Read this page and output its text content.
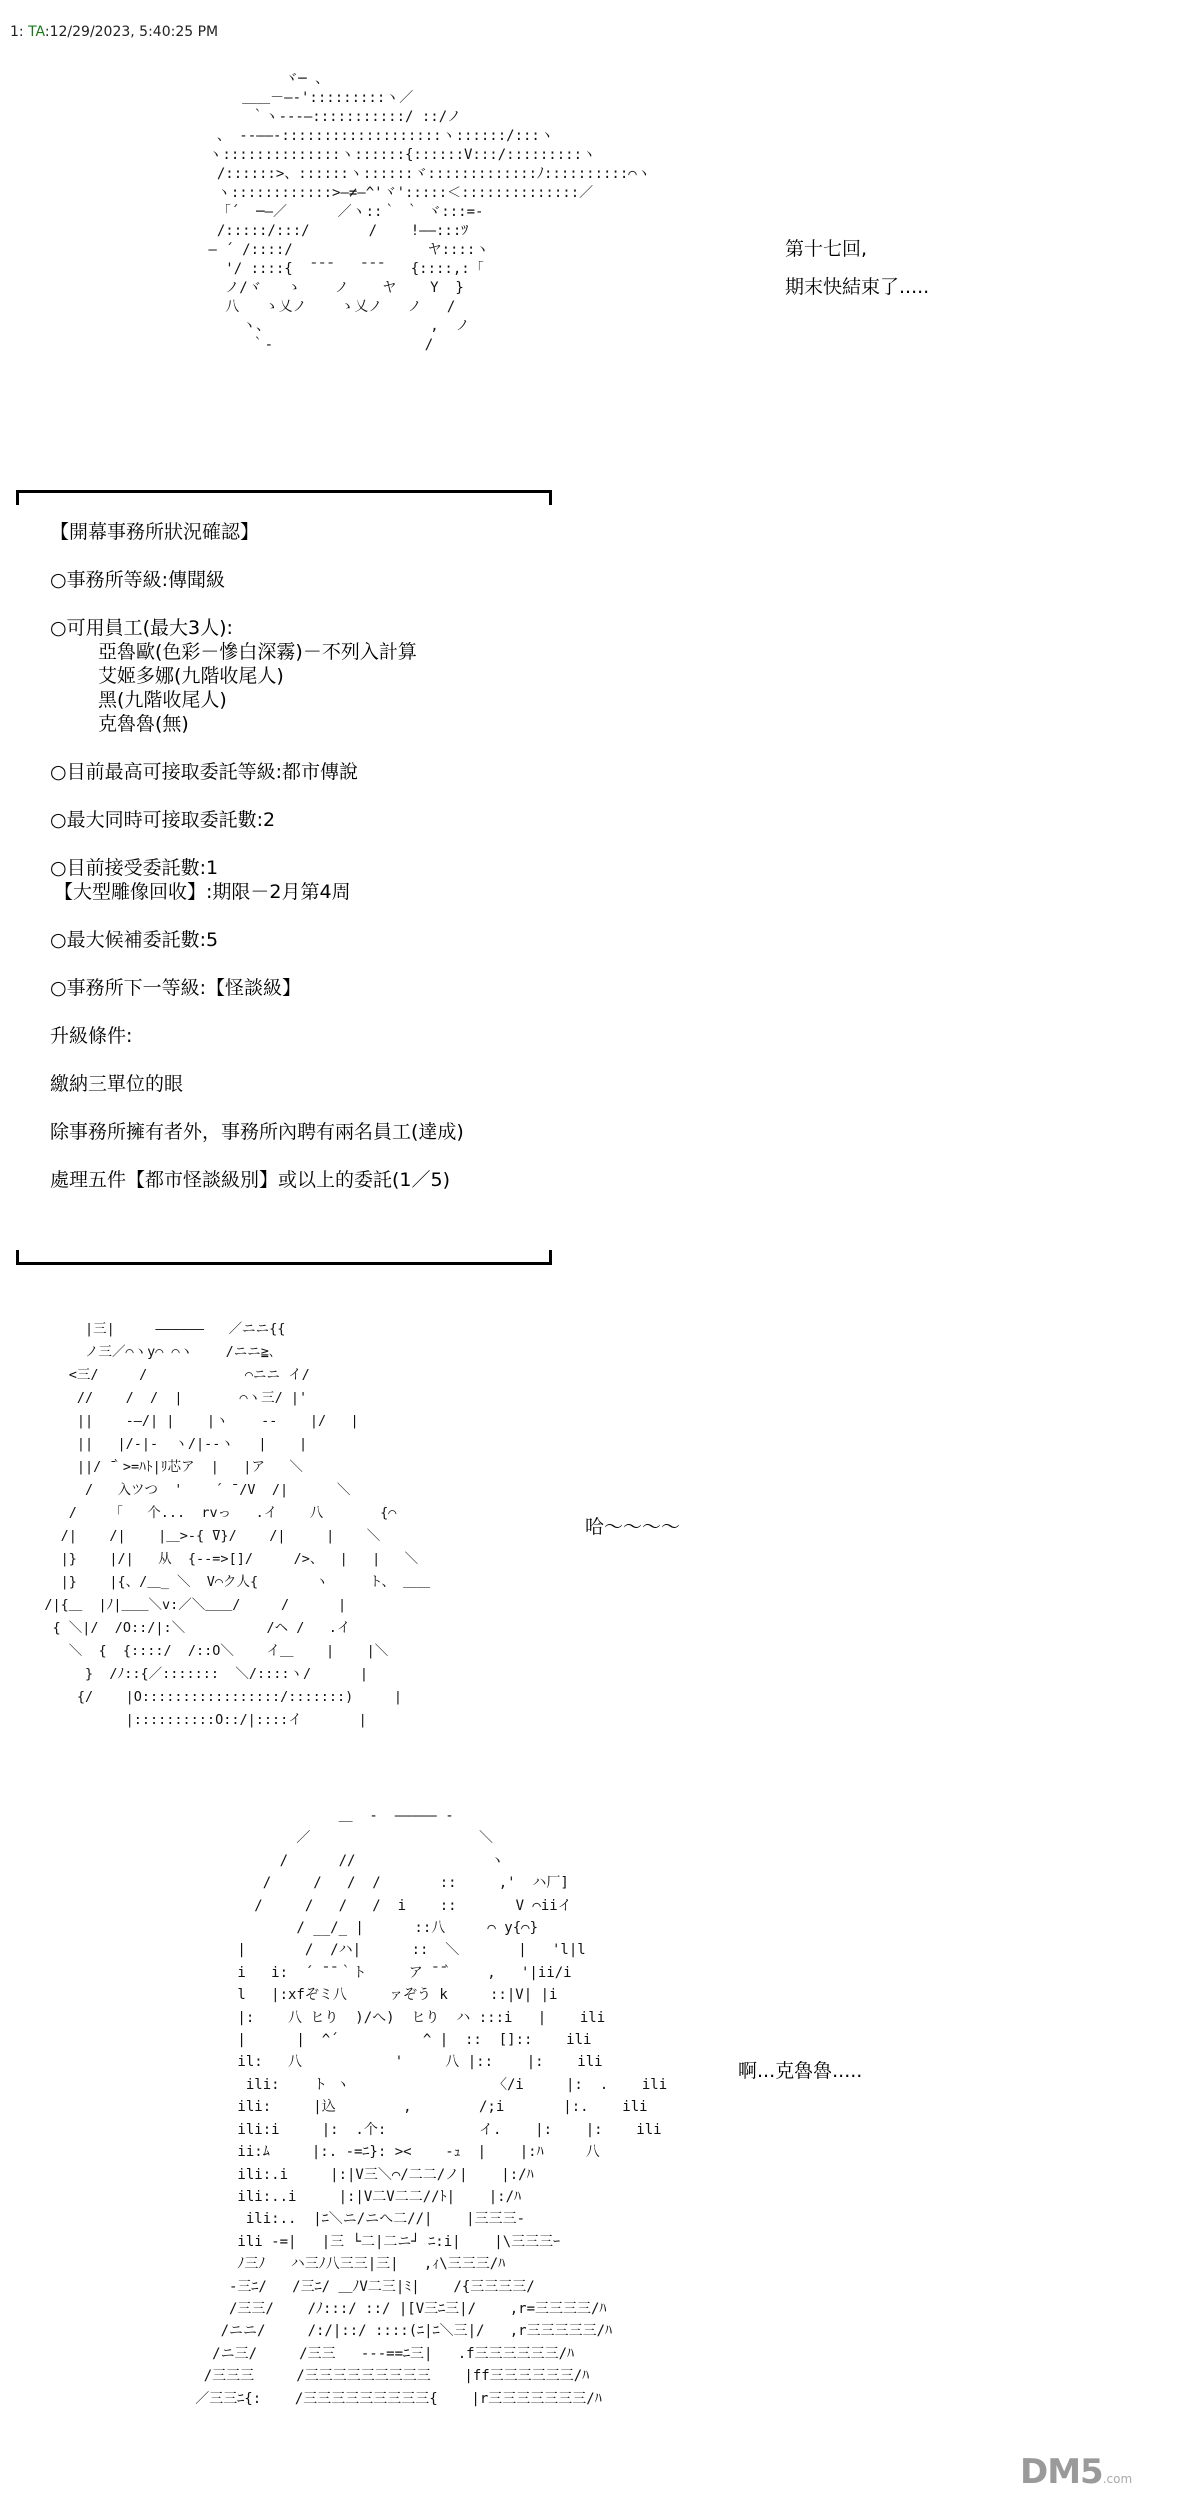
1: TA:12/29/2023, 5:40:25 PM
ヾ─ 、
＿＿－―‐':::::::::ヽ／
｀ヽ--‐―:::::::::::/ ::/ノ
、 ‐-――-:::::::::::::::::::ヽ::::::/:::ヽ
ヽ::::::::::::::ヽ::::::{::::::V:::/:::::::::ヽ
/::::::>、::::::ヽ::::::ヾ:::::::::::::ﾉ::::::::::⌒ヽ
ヽ::::::::::::>―≠―^'ヾ':::::＜::::::::::::::／
「´  ─―／      ／ヽ::｀ ｀ ヾ:::=-
/:::::/:::/       /    !――:::ﾂ
― ´ /::::/                ヤ::::ヽ
'/ ::::{  ̄ ̄ ̄    ̄ ̄ ̄    {::::,:「
ノ/ヾ   ゝ    ノ    ヤ    Y  }
八   ゝ乂ノ    ゝ乂ノ   ノ   /
ヽ、                   ,  ノ
｀-                  /
第十七回,
期末快結束了.....

【開幕事務所狀況確認】

○事務所等級:傳聞級

○可用員工(最大3人):

亞魯歐(色彩－慘白深霧)－不列入計算

艾姬多娜(九階收尾人)

黑(九階收尾人)

克魯魯(無)

○目前最高可接取委託等級:都市傳說

○最大同時可接取委託數:2

○目前接受委託數:1

【大型雕像回收】:期限－2月第4周

○最大候補委託數:5

○事務所下一等級:【怪談級】

升級條件:

繳納三單位的眼

除事務所擁有者外，事務所內聘有兩名員工(達成)

處理五件【都市怪談級別】或以上的委託(1／5)

|三|     ――――――   ／ニニ{{
ノ三／⌒ヽy⌒ ⌒ヽ    /ニニ≧､
<三/     /            ⌒ニニ イ/
//    /  /  |       ⌒ヽ三/ |'
||    -―/| |    |ヽ    --    |/   |
||   |/-|-  ヽ/|--ヽ   |    |
||/ ̄｀>=ﾊﾄ|ﾘ芯ア  |   |ア   ＼
/   入ツつ  '    ´ ̄ /V  /|      ＼
/    「   个...  rvっ   .イ    八       {⌒
/|    /|    |＿>-{ ̄V}/    /|     |    ＼
|}    |/|   从  {--=>[]/     />、  |   |   ＼
|}    |{、/＿_ ＼  V⌒ク人{       ヽ     ト、 ＿＿
/|{＿  |ﾉ|＿＿＼v:／＼＿＿/     /      |
{ ＼|/  /O::/|:＼          /ヘ /   .イ
＼  {  {::::/  /::O＼    イ＿    |    |＼
}  /ﾉ::{／:::::::  ＼/::::ヽ/      |
{/    |O:::::::::::::::::/:::::::)     |
|::::::::::O::/|::::イ       |
哈～～～～
＿  ‐  ――――― ‐
／                    ＼
/      //                ヽ
/     /   /  /       ::     ,'  ハ厂]
/     /   /   /  i    ::       V ⌒iiイ
/ __/_ |      ::八     ⌒ y{⌒}
|       /  /ハ|      ::  ＼       |   'l|l
i   i:  ´ ̄ ̄ ｀ト     ア ̄ ̄｀    ,   '|ii/i
l   |:xfぞミ八     ァぞう k     ::|V| |i
|:    八 ヒり  )/へ)  ヒり  ハ :::i   |    ili
|      |  ^´          ^ |  ::  []::    ili
il:   八           '     八 |::    |:    ili
ili:    ト ヽ                 〈/i     |:  .    ili
ili:     |込        ,        /;i       |:.    ili
ili:i     |:  .个:           イ.    |:    |:    ili
ii:ﾑ     |:. -=ﾆ}: ><    -ｭ  |    |:ﾊ     八
ili:.i     |:|V三＼⌒/二二/ノ|    |:/ﾊ
ili:..i     |:|V二V二二//ﾄ|    |:/ﾊ
ili:..  |ﾆ＼ニ/ニへ二//|    |三三三-
ili -=|   |三 └二|二ニ┘ ﾆ:i|    |\三三三ｰ
ﾉ三ﾉ   ハ三ﾉ八三三|三|   ,ｨ\三三三/ﾊ
-三ﾆ/   /三ﾆ/ ＿ﾉV二三|ﾐ|    /{三三三三/
/三三/    /ﾉ:::/ ::/ |[V三ﾆ三|/    ,r=三三三三/ﾊ
/ニニ/     /:/|::/ ::::(ﾆ|ﾆ＼三|/   ,r三三三三三/ﾊ
/ニ三/     /三三   ---==ﾆ三|   .f三三三三三三/ﾊ
/三三三     /三三三三三三三三三    |ff三三三三三三/ﾊ
／三三ﾆ{:    /三三三三三三三三三{    |r三三三三三三三/ﾊ
啊...克魯魯.....
DM5.com
